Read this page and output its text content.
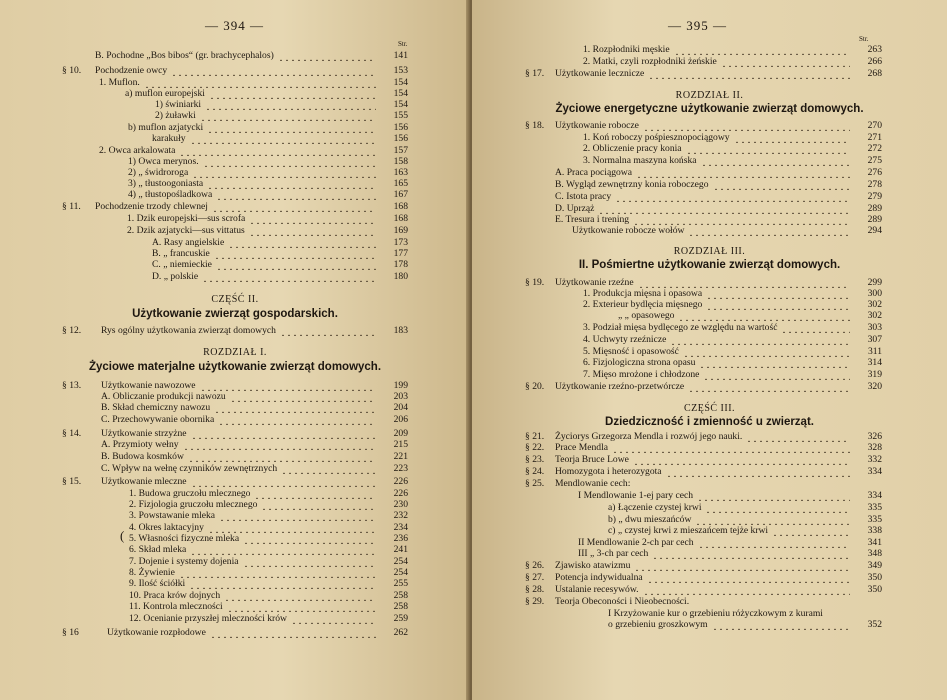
— 394 —
Str.
B. Pochodne „Bos bibos“ (gr. brachycephalos)	141
§ 10. Pochodzenie owcy	153
1. Muflon.	154
a) muflon europejski	154
1) świniarki	154
2) żuławki	155
b) muflon azjatycki	156
karakuły	156
2. Owca arkalowata	157
1) Owca merynos.	158
2) „ świdroroga	163
3) „ tłustoogoniasta	165
4) „ tłustopośladkowa	167
§ 11. Pochodzenie trzody chlewnej	168
1. Dzik europejski—sus scrofa	168
2. Dzik azjatycki—sus vittatus	169
A. Rasy angielskie	173
B. „ francuskie	177
C. „ niemieckie	178
D. „ polskie	180
§ 12. Rys ogólny użytkowania zwierząt domowych	183
§ 13. Użytkowanie nawozowe	199
A. Obliczanie produkcji nawozu	203
B. Skład chemiczny nawozu	204
C. Przechowywanie obornika	206
§ 14. Użytkowanie strzyżne	209
A. Przymioty wełny	215
B. Budowa kosmków	221
C. Wpływ na wełnę czynników zewnętrznych	223
§ 15. Użytkowanie mleczne	226
1. Budowa gruczołu mlecznego	226
2. Fizjologia gruczołu mlecznego	230
3. Powstawanie mleka	232
4. Okres laktacyjny	234
5. Własności fizyczne mleka	236
6. Skład mleka	241
7. Dojenie i systemy dojenia	254
8. Żywienie	254
9. Ilość ściółki	255
10. Praca krów dojnych	258
11. Kontrola mleczności	258
12. Ocenianie przyszłej mleczności krów	259
§ 16	Użytkowanie rozpłodowe	262
CZĘŚĆ II.
Użytkowanie zwierząt gospodarskich.
ROZDZIAŁ I.
Życiowe materjalne użytkowanie zwierząt domowych.
(
— 395 —
Str.
1. Rozpłodniki męskie	263
2. Matki, czyli rozpłodniki żeńskie	266
§ 17. Użytkowanie lecznicze	268
§ 18. Użytkowanie robocze	270
1. Koń roboczy pośpiesznopociągowy	271
2. Obliczenie pracy konia	272
3. Normalna maszyna końska	275
A. Praca pociągowa	276
B. Wygląd zewnętrzny konia roboczego	278
C. Istota pracy	279
D. Uprząż	289
E. Tresura i trening	289
Użytkowanie robocze wołów	294
§ 19. Użytkowanie rzeźne	299
1. Produkcja mięsna i opasowa	300
2. Exterieur bydlęcia mięsnego	302
„ „ opasowego	302
3. Podział mięsa bydlęcego ze względu na wartość	303
4. Uchwyty rzeźnicze	307
5. Mięsność i opasowość	311
6. Fizjologiczna strona opasu	314
7. Mięso mrożone i chłodzone	319
§ 20. Użytkowanie rzeźno-przetwórcze	320
§ 21. Życiorys Grzegorza Mendla i rozwój jego nauki.	326
§ 22. Prace Mendla	328
§ 23. Teorja Bruce Lowe	332
§ 24. Homozygota i heterozygota	334
§ 25. Mendlowanie cech:
I Mendlowanie 1-ej pary cech	334
a) Łączenie czystej krwi	335
b) „ dwu mieszańców	335
c) „ czystej krwi z mieszańcem tejże krwi	338
II Mendlowanie 2-ch par cech	341
III „ 3-ch par cech	348
§ 26. Zjawisko atawizmu	349
§ 27. Potencja indywidualna	350
§ 28. Ustalanie recesywów.	350
§ 29. Teorja Obeconości i Nieobecności.
I Krzyżowanie kur o grzebieniu różyczkowym z kurami
o grzebieniu groszkowym	352
ROZDZIAŁ II.
Życiowe energetyczne użytkowanie zwierząt domowych.
ROZDZIAŁ III.
II. Pośmiertne użytkowanie zwierząt domowych.
CZĘŚĆ III.
Dziedziczność i zmienność u zwierząt.
